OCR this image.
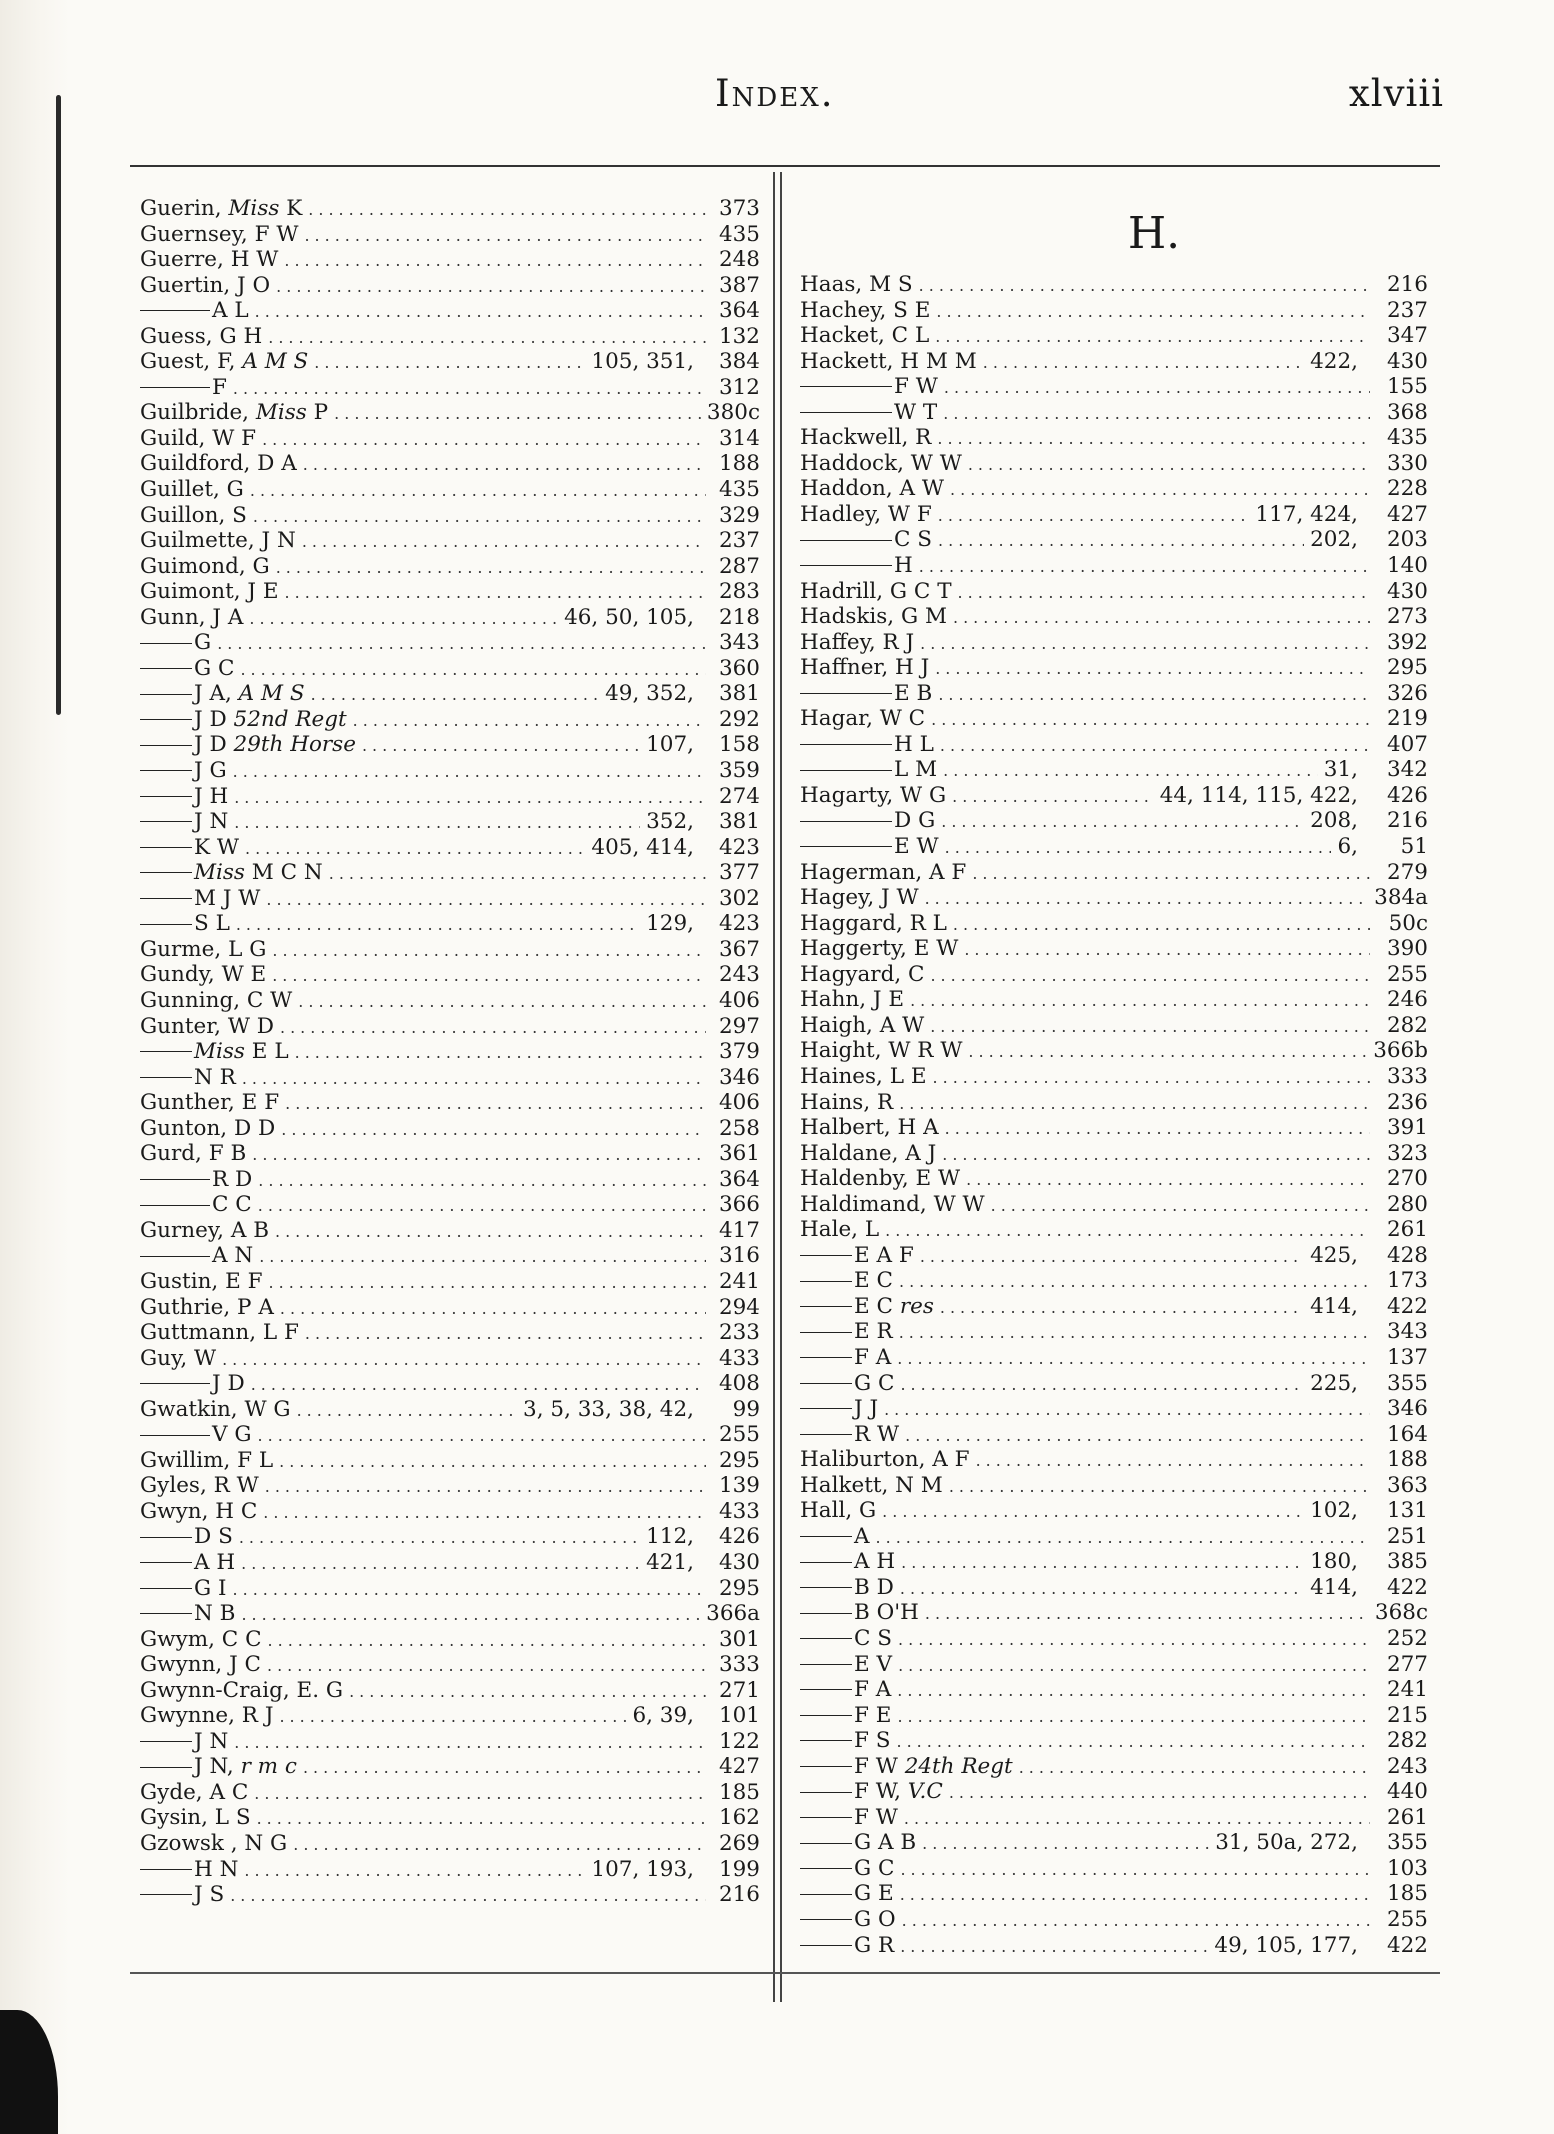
Index.	xlviii
Guerin, Miss K .....	373
Guernsey, F W .....	435
Guerre, H W .....	248
Guertin, J O .....	387
A L .....	364
Guess, G H .....	132
Guest, F, A M S .....	105, 351,	384
F .....	312
Guilbride, Miss P .....	380c
Guild, W F .....	314
Guildford, D A .....	188
Guillet, G .....	435
Guillon, S .....	329
Guilmette, J N .....	237
Guimond, G .....	287
Guimont, J E .....	283
Gunn, J A .....	46, 50, 105,	218
G .....	343
G C .....	360
J A, A M S .....	49, 352,	381
J D 52nd Regt .....	292
J D 29th Horse .....	107,	158
J G .....	359
J H .....	274
J N .....	352,	381
K W .....	405, 414,	423
Miss M C N .....	377
M J W .....	302
S L .....	129,	423
Gurme, L G .....	367
Gundy, W E .....	243
Gunning, C W .....	406
Gunter, W D .....	297
Miss E L .....	379
N R .....	346
Gunther, E F .....	406
Gunton, D D .....	258
Gurd, F B .....	361
R D .....	364
C C .....	366
Gurney, A B .....	417
A N .....	316
Gustin, E F .....	241
Guthrie, P A .....	294
Guttmann, L F .....	233
Guy, W .....	433
J D .....	408
Gwatkin, W G .....	3, 5, 33, 38, 42,	99
V G .....	255
Gwillim, F L .....	295
Gyles, R W .....	139
Gwyn, H C .....	433
D S .....	112,	426
A H .....	421,	430
G I .....	295
N B .....	366a
Gwym, C C .....	301
Gwynn, J C .....	333
Gwynn-Craig, E. G .....	271
Gwynne, R J .....	6, 39,	101
J N .....	122
J N, r m c .....	427
Gyde, A C .....	185
Gysin, L S .....	162
Gzowsk , N G .....	269
H N .....	107, 193,	199
J S .....	216
H.
Haas, M S .....	216
Hachey, S E .....	237
Hacket, C L .....	347
Hackett, H M M .....	422,	430
F W .....	155
W T .....	368
Hackwell, R .....	435
Haddock, W W .....	330
Haddon, A W .....	228
Hadley, W F .....	117, 424,	427
C S .....	202,	203
H .....	140
Hadrill, G C T .....	430
Hadskis, G M .....	273
Haffey, R J .....	392
Haffner, H J .....	295
E B .....	326
Hagar, W C .....	219
H L .....	407
L M .....	31,	342
Hagarty, W G .....	44, 114, 115, 422,	426
D G .....	208,	216
E W .....	6,	51
Hagerman, A F .....	279
Hagey, J W .....	384a
Haggard, R L .....	50c
Haggerty, E W .....	390
Hagyard, C .....	255
Hahn, J E .....	246
Haigh, A W .....	282
Haight, W R W .....	366b
Haines, L E .....	333
Hains, R .....	236
Halbert, H A .....	391
Haldane, A J .....	323
Haldenby, E W .....	270
Haldimand, W W .....	280
Hale, L .....	261
E A F .....	425,	428
E C .....	173
E C res .....	414,	422
E R .....	343
F A .....	137
G C .....	225,	355
J J .....	346
R W .....	164
Haliburton, A F .....	188
Halkett, N M .....	363
Hall, G .....	102,	131
A .....	251
A H .....	180,	385
B D .....	414,	422
B O'H .....	368c
C S .....	252
E V .....	277
F A .....	241
F E .....	215
F S .....	282
F W 24th Regt .....	243
F W, V.C .....	440
F W .....	261
G A B .....	31, 50a, 272,	355
G C .....	103
G E .....	185
G O .....	255
G R .....	49, 105, 177,	422
